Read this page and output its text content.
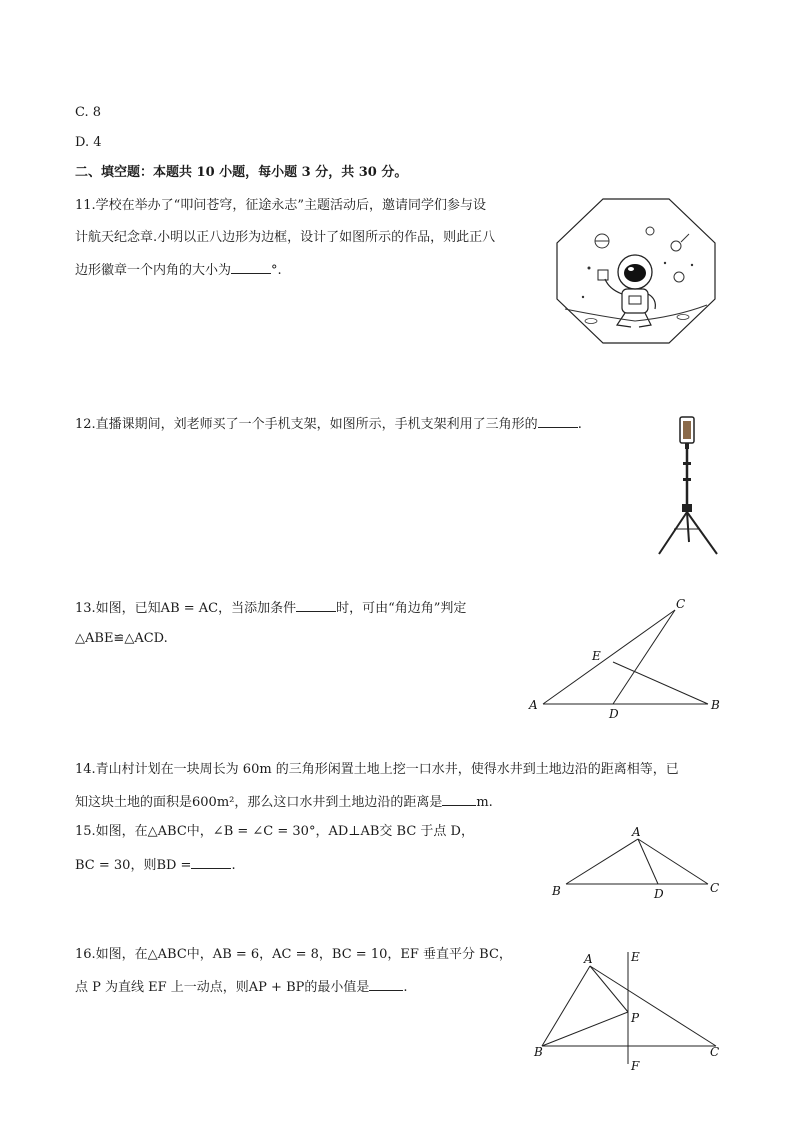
C. 8
D. 4
二、填空题：本题共 10 小题，每小题 3 分，共 30 分。
11.学校在举办了“叩问苍穹，征途永志”主题活动后，邀请同学们参与设
计航天纪念章.小明以正八边形为边框，设计了如图所示的作品，则此正八
边形徽章一个内角的大小为	°.
12.直播课期间，刘老师买了一个手机支架，如图所示，手机支架利用了三角形的	.
13.如图，已知AB = AC，当添加条件	时，可由“角边角”判定
△ABE≌△ACD.
A	B
C
D
E
14.青山村计划在一块周长为 60m 的三角形闲置土地上挖一口水井，使得水井到土地边沿的距离相等，已
知这块土地的面积是600m²，那么这口水井到土地边沿的距离是	m.
15.如图，在△ABC中，∠B = ∠C = 30°，AD⊥AB交 BC 于点 D，
BC = 30，则BD =	.
A
B	C
D
16.如图，在△ABC中，AB = 6，AC = 8，BC = 10，EF 垂直平分 BC，
点 P 为直线 EF 上一动点，则AP + BP的最小值是	.
A
B	C
E
F
P
